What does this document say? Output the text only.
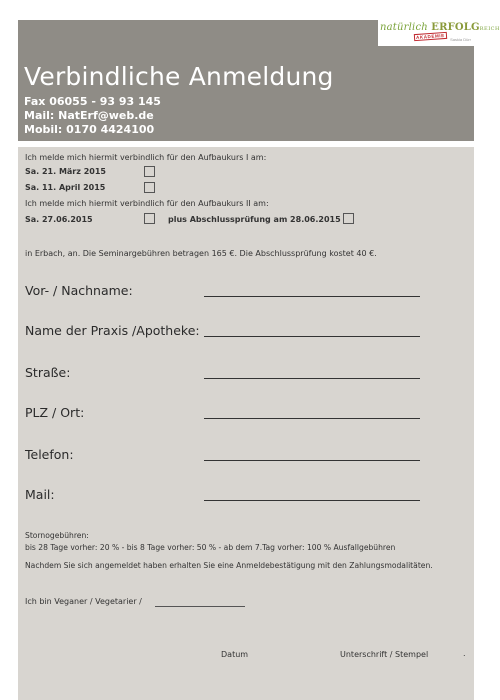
natürlich ERFOLGREICH
AKADEMIE	Saskia Dürr
Verbindliche Anmeldung
Fax 06055 - 93 93 145
Mail: NatErf@web.de
Mobil: 0170 4424100
Ich melde mich hiermit verbindlich für den Aufbaukurs I am:
Sa. 21. März 2015
Sa. 11. April 2015
Ich melde mich hiermit verbindlich für den Aufbaukurs II am:
Sa. 27.06.2015	plus Abschlussprüfung am 28.06.2015
in Erbach, an. Die Seminargebühren betragen 165 €. Die Abschlussprüfung kostet 40 €.
Vor- / Nachname:
Name der Praxis /Apotheke:
Straße:
PLZ / Ort:
Telefon:
Mail:
Stornogebühren:
bis 28 Tage vorher: 20 % - bis 8 Tage vorher: 50 % - ab dem 7.Tag vorher: 100 % Ausfallgebühren
Nachdem Sie sich angemeldet haben erhalten Sie eine Anmeldebestätigung mit den Zahlungsmodalitäten.
Ich bin Veganer / Vegetarier /
Datum	Unterschrift / Stempel	.
